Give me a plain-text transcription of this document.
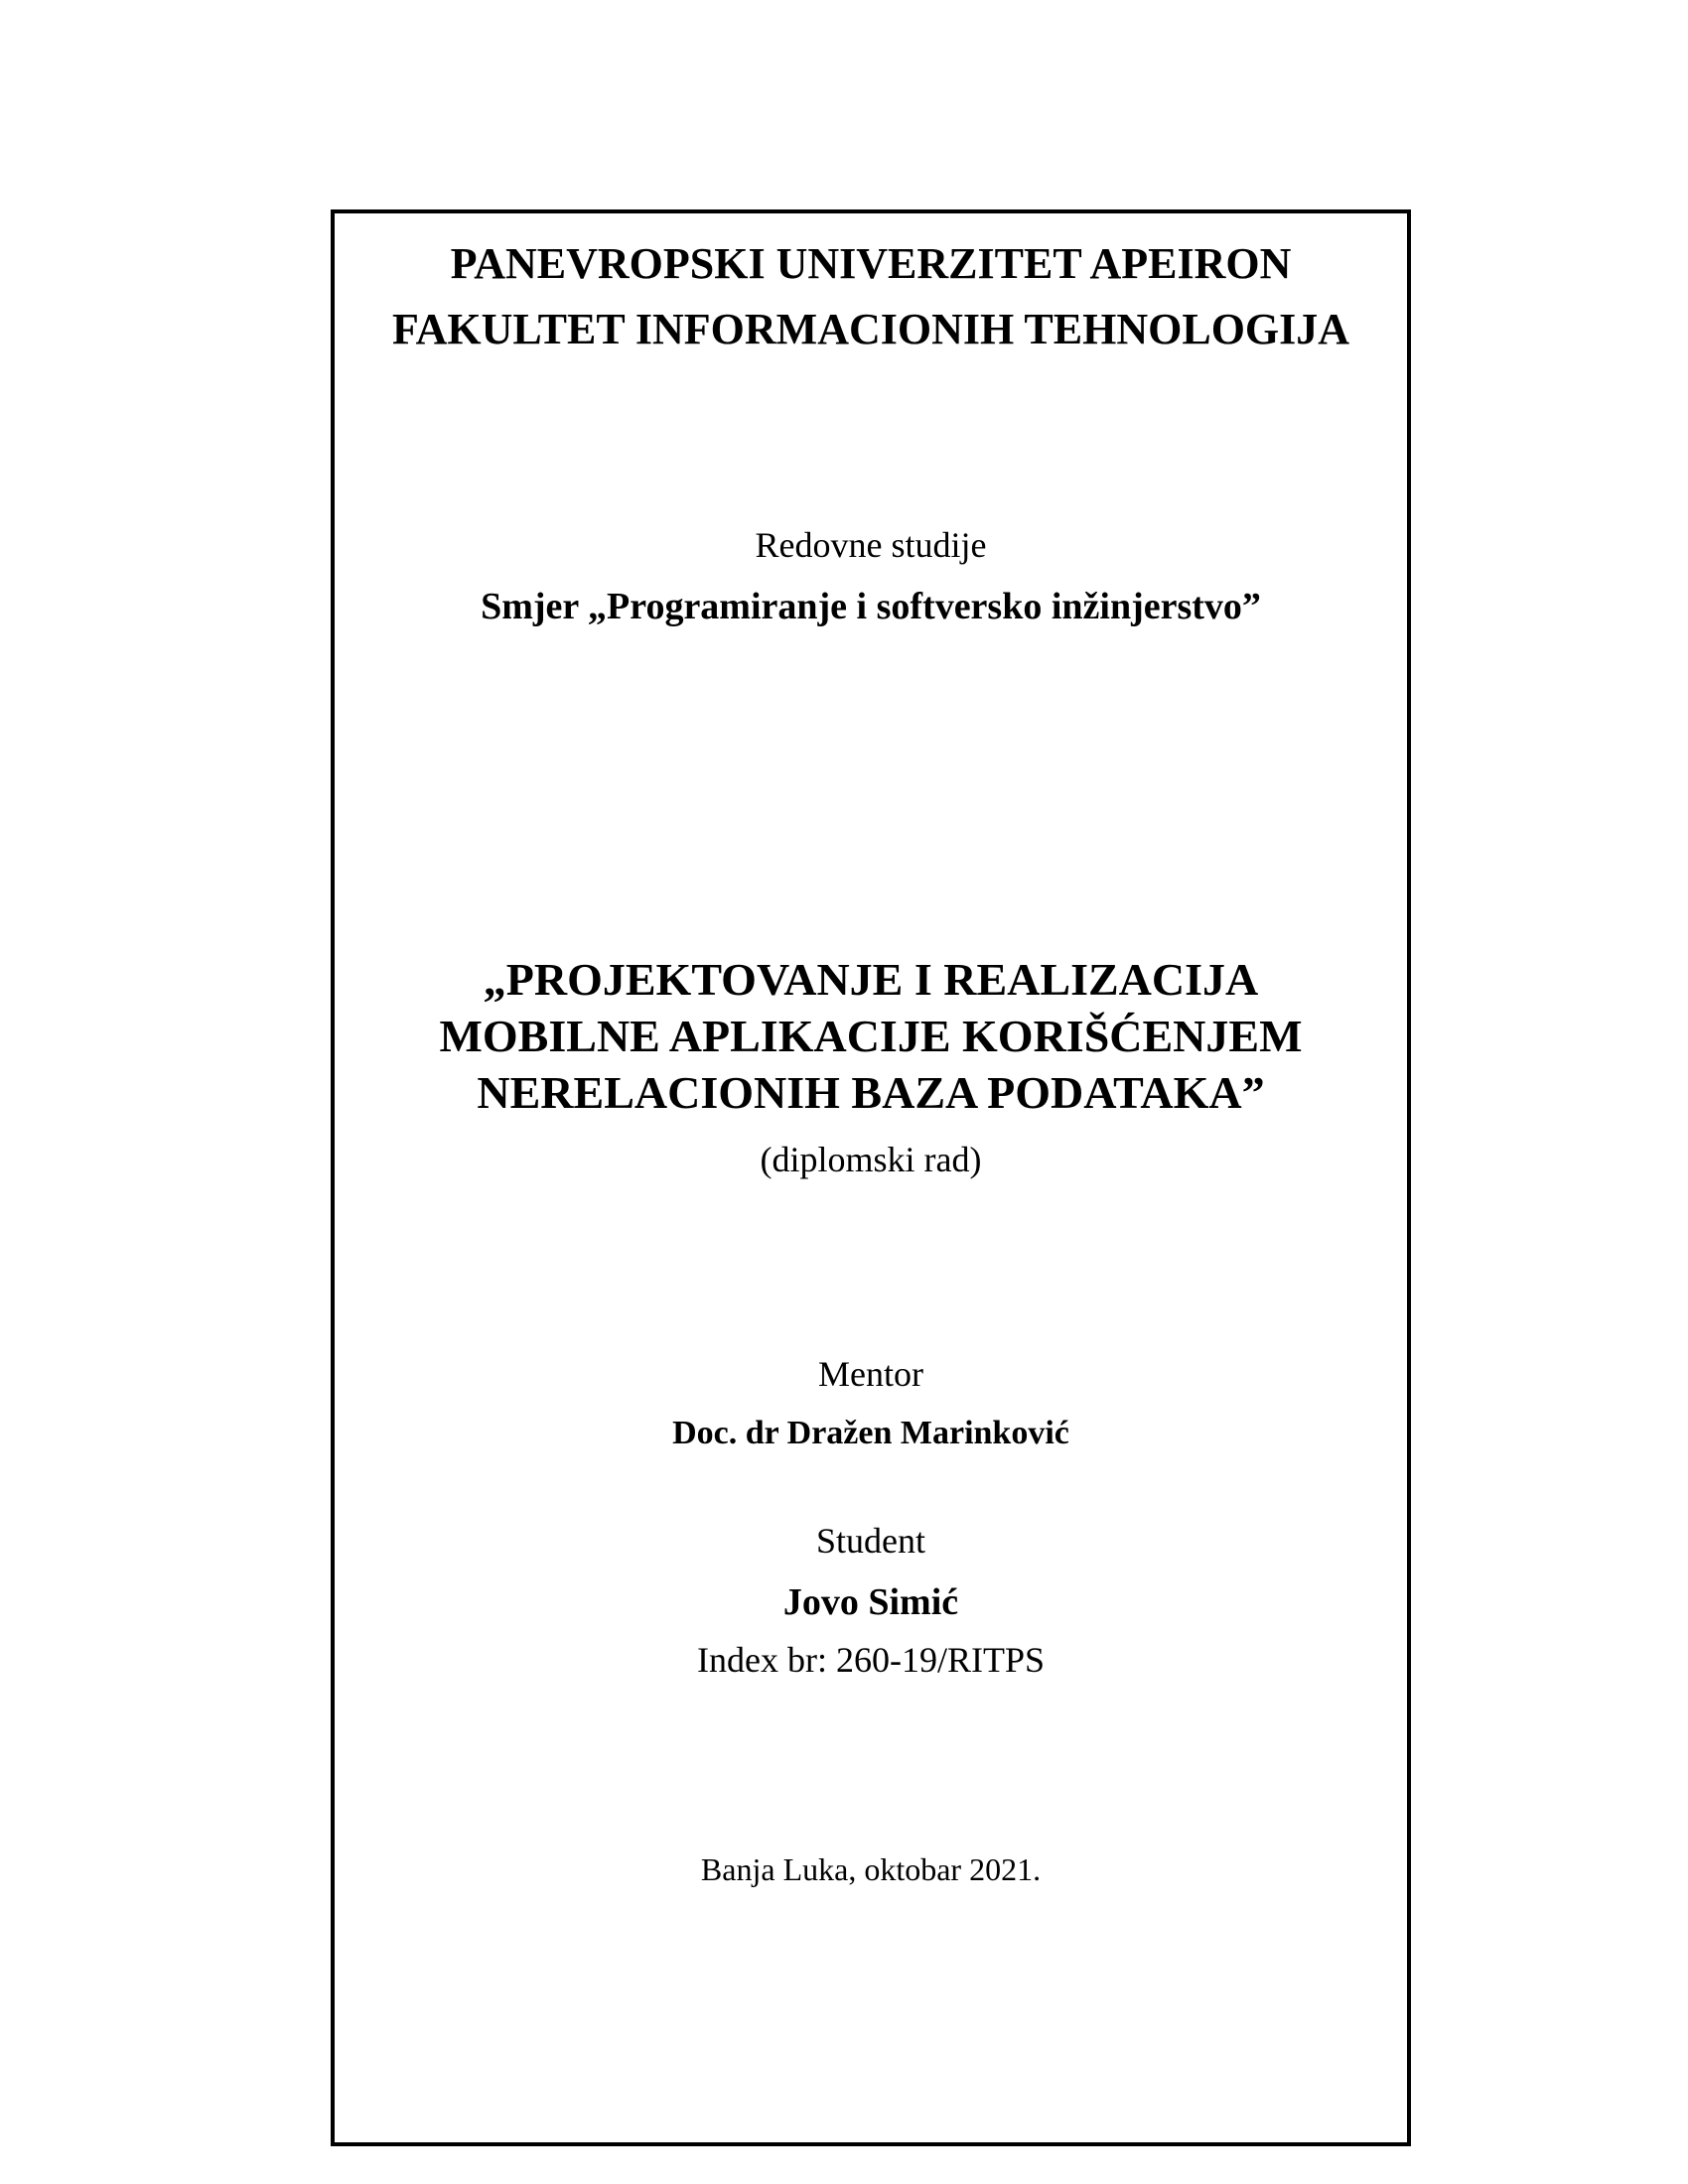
PANEVROPSKI UNIVERZITET APEIRON

FAKULTET INFORMACIONIH TEHNOLOGIJA

Redovne studije

Smjer „Programiranje i softversko inžinjerstvo”

„PROJEKTOVANJE I REALIZACIJA

MOBILNE APLIKACIJE KORIŠĆENJEM

NERELACIONIH BAZA PODATAKA”

(diplomski rad)

Mentor

Doc. dr Dražen Marinković

Student

Jovo Simić

Index br: 260-19/RITPS

Banja Luka, oktobar 2021.
